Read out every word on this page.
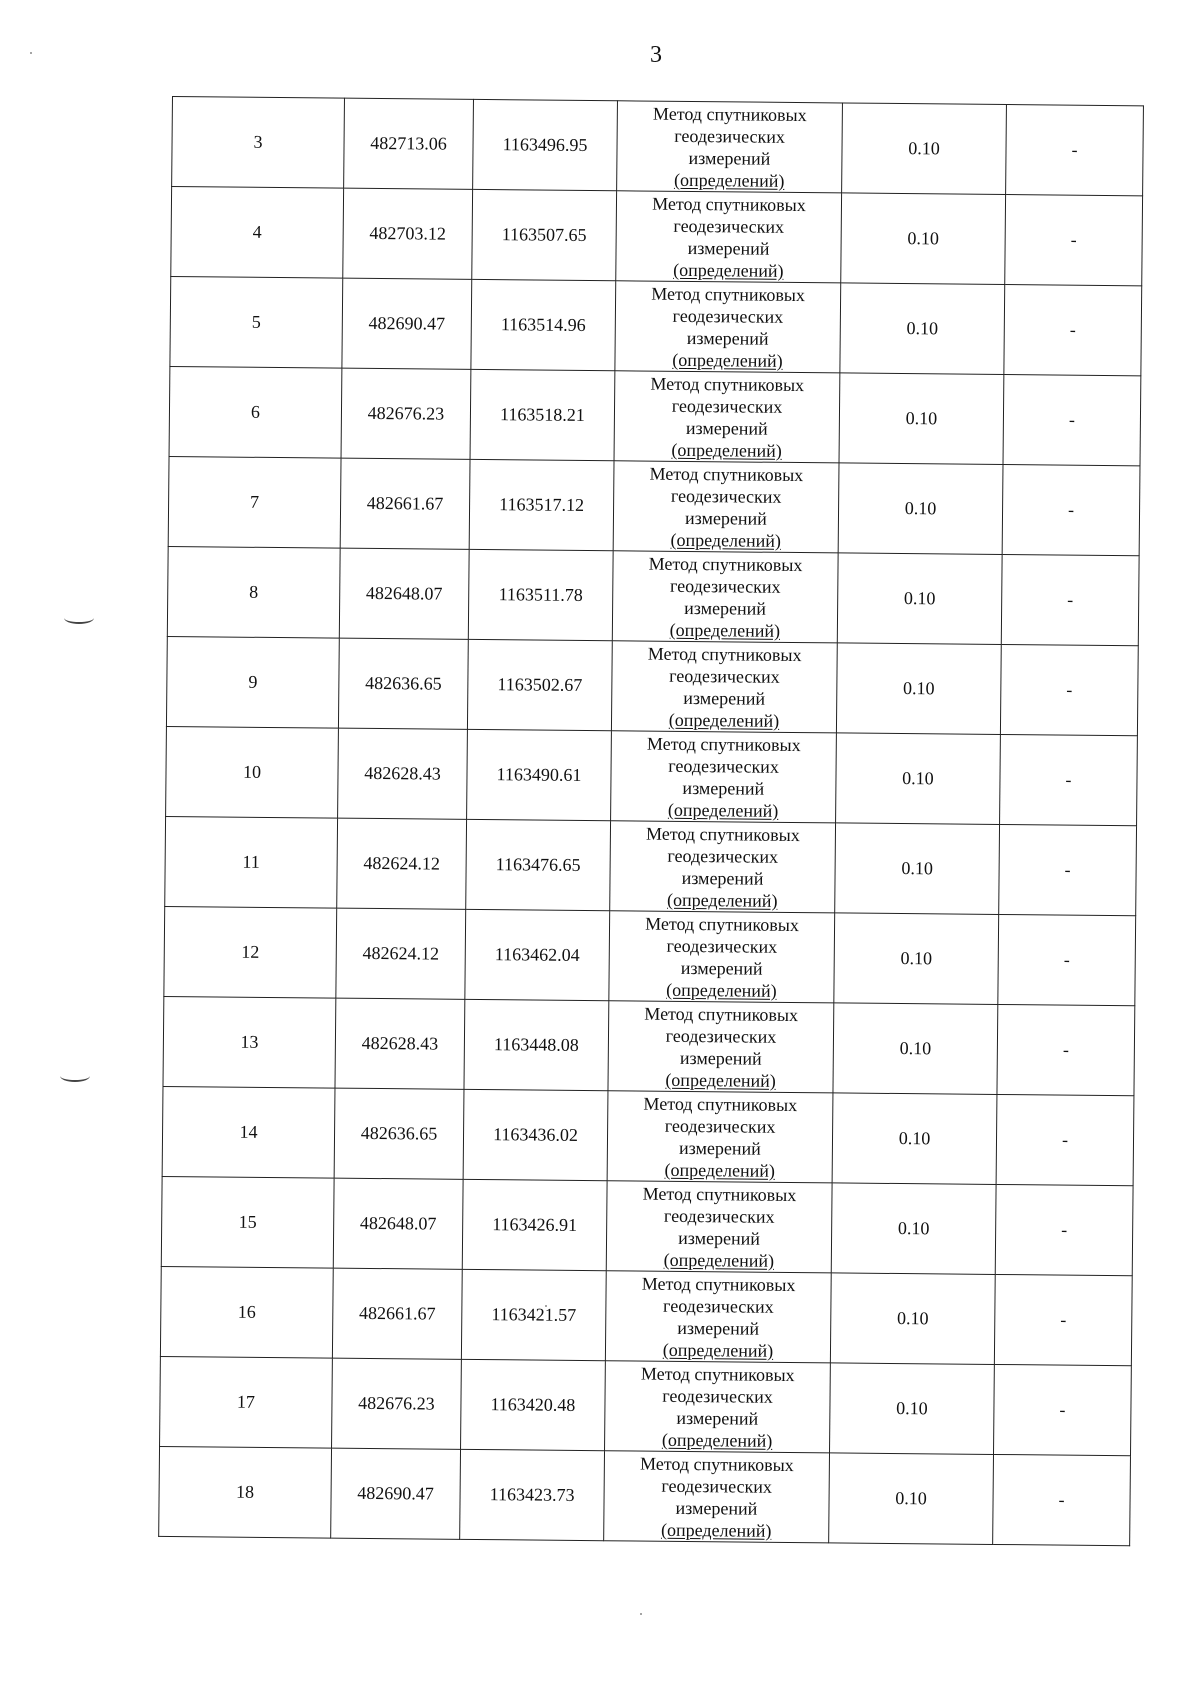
3
3	482713.06	1163496.95	Метод спутниковых
геодезических
измерений
(определений)	0.10	-
4	482703.12	1163507.65	Метод спутниковых
геодезических
измерений
(определений)	0.10	-
5	482690.47	1163514.96	Метод спутниковых
геодезических
измерений
(определений)	0.10	-
6	482676.23	1163518.21	Метод спутниковых
геодезических
измерений
(определений)	0.10	-
7	482661.67	1163517.12	Метод спутниковых
геодезических
измерений
(определений)	0.10	-
8	482648.07	1163511.78	Метод спутниковых
геодезических
измерений
(определений)	0.10	-
9	482636.65	1163502.67	Метод спутниковых
геодезических
измерений
(определений)	0.10	-
10	482628.43	1163490.61	Метод спутниковых
геодезических
измерений
(определений)	0.10	-
11	482624.12	1163476.65	Метод спутниковых
геодезических
измерений
(определений)	0.10	-
12	482624.12	1163462.04	Метод спутниковых
геодезических
измерений
(определений)	0.10	-
13	482628.43	1163448.08	Метод спутниковых
геодезических
измерений
(определений)	0.10	-
14	482636.65	1163436.02	Метод спутниковых
геодезических
измерений
(определений)	0.10	-
15	482648.07	1163426.91	Метод спутниковых
геодезических
измерений
(определений)	0.10	-
16	482661.67	1163421.57	Метод спутниковых
геодезических
измерений
(определений)	0.10	-
17	482676.23	1163420.48	Метод спутниковых
геодезических
измерений
(определений)	0.10	-
18	482690.47	1163423.73	Метод спутниковых
геодезических
измерений
(определений)	0.10	-
